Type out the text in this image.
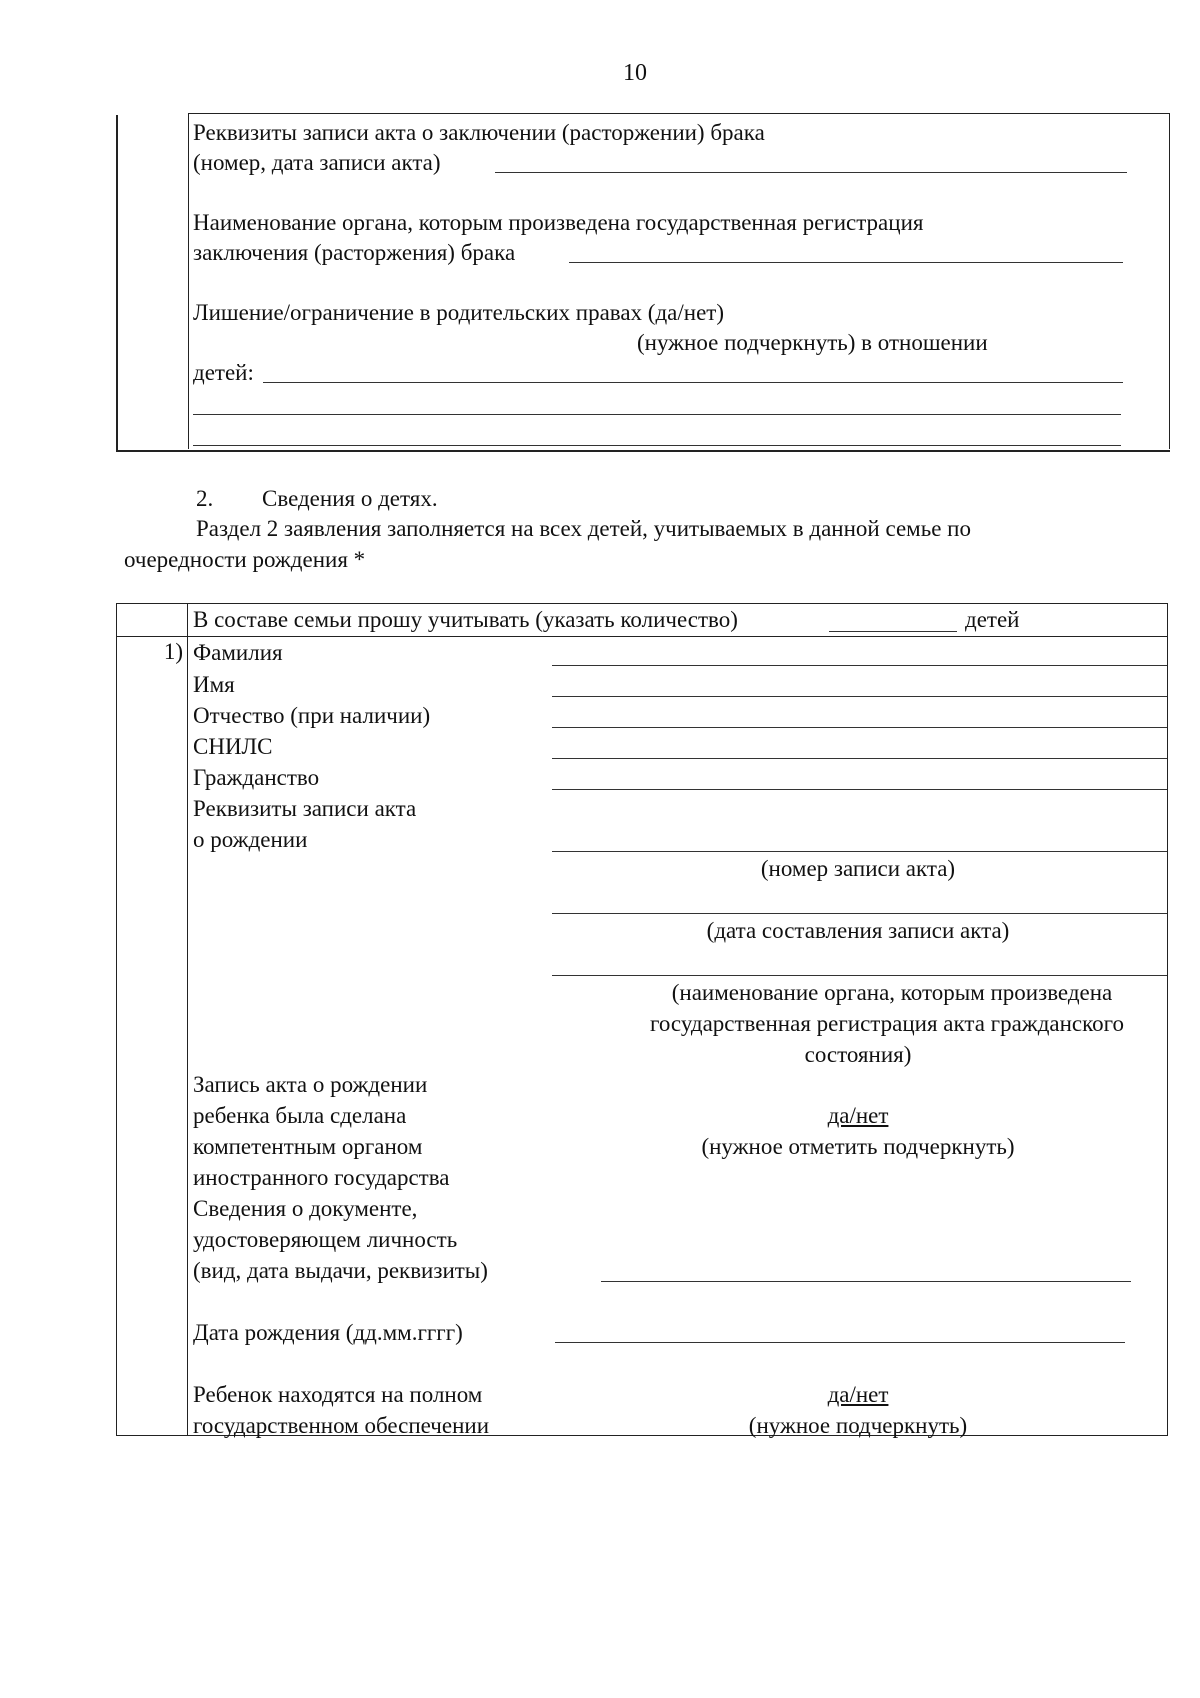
10
Реквизиты записи акта о заключении (расторжении) брака
(номер, дата записи акта)
Наименование органа, которым произведена государственная регистрация
заключения (расторжения) брака
Лишение/ограничение в родительских правах (да/нет)
(нужное подчеркнуть) в отношении
детей:
2. Сведения о детях.
Раздел 2 заявления заполняется на всех детей, учитываемых в данной семье по
очередности рождения *
В составе семьи прошу учитывать (указать количество)	детей
1) Фамилия
Имя
Отчество (при наличии)
СНИЛС
Гражданство
Реквизиты записи акта
о рождении
(номер записи акта)
(дата составления записи акта)
(наименование органа, которым произведена
государственная регистрация акта гражданского
состояния)
Запись акта о рождении
ребенка была сделана
компетентным органом
иностранного государства
да/нет
(нужное отметить подчеркнуть)
Сведения о документе,
удостоверяющем личность
(вид, дата выдачи, реквизиты)
Дата рождения (дд.мм.гггг)
Ребенок находятся на полном
государственном обеспечении
да/нет
(нужное подчеркнуть)
